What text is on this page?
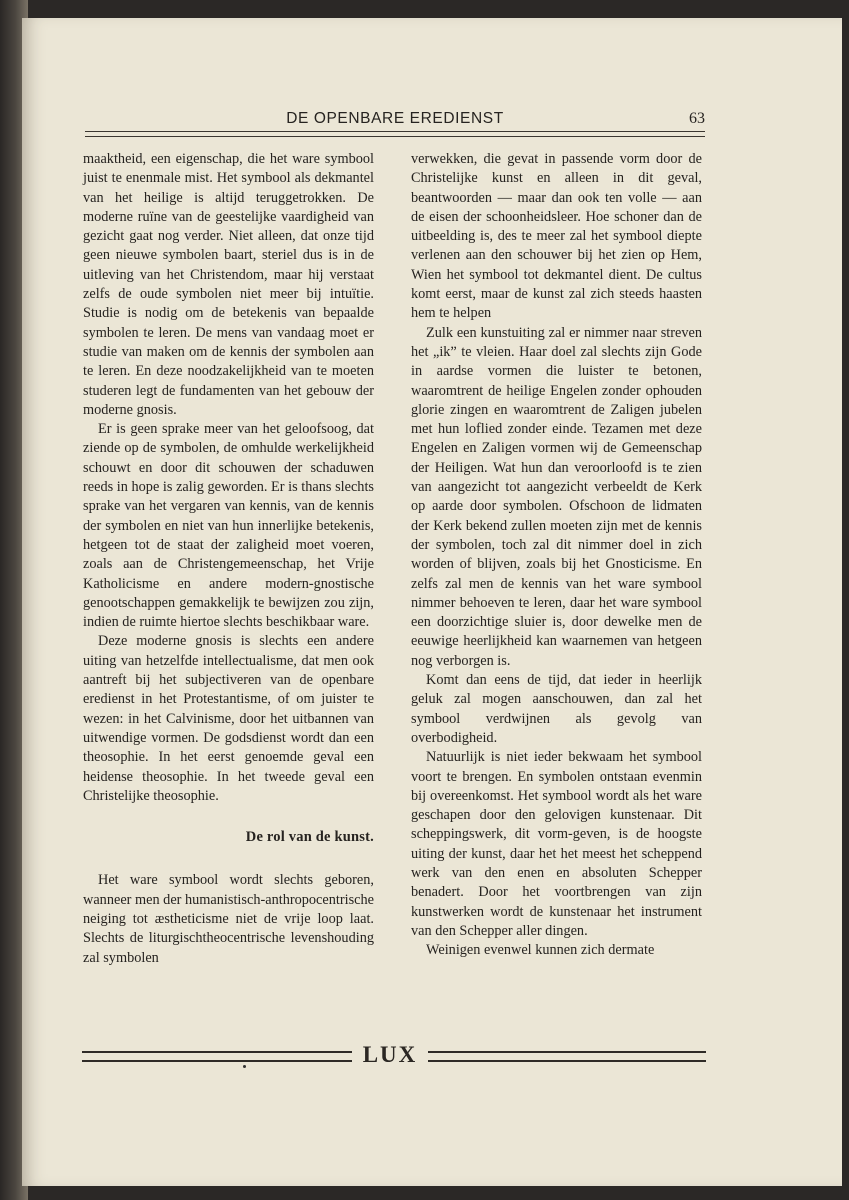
DE OPENBARE EREDIENST	63

maaktheid, een eigenschap, die het ware symbool juist te enenmale mist. Het symbool als dekmantel van het heilige is altijd teruggetrokken. De moderne ruïne van de geestelijke vaardigheid van gezicht gaat nog verder. Niet alleen, dat onze tijd geen nieuwe symbolen baart, steriel dus is in de uitleving van het Christendom, maar hij verstaat zelfs de oude symbolen niet meer bij intuïtie. Studie is nodig om de betekenis van bepaalde symbolen te leren. De mens van vandaag moet er studie van maken om de kennis der symbolen aan te leren. En deze noodzakelijkheid van te moeten studeren legt de fundamenten van het gebouw der moderne gnosis.

Er is geen sprake meer van het geloofsoog, dat ziende op de symbolen, de omhulde werkelijkheid schouwt en door dit schouwen der schaduwen reeds in hope is zalig geworden. Er is thans slechts sprake van het vergaren van kennis, van de kennis der symbolen en niet van hun innerlijke betekenis, hetgeen tot de staat der zaligheid moet voeren, zoals aan de Christengemeenschap, het Vrije Katholicisme en andere modern-gnostische genootschappen gemakkelijk te bewijzen zou zijn, indien de ruimte hiertoe slechts beschikbaar ware.

Deze moderne gnosis is slechts een andere uiting van hetzelfde intellectualisme, dat men ook aantreft bij het subjectiveren van de openbare eredienst in het Protestantisme, of om juister te wezen: in het Calvinisme, door het uitbannen van uitwendige vormen. De godsdienst wordt dan een theosophie. In het eerst genoemde geval een heidense theosophie. In het tweede geval een Christelijke theosophie.

De rol van de kunst.

Het ware symbool wordt slechts geboren, wanneer men der humanistisch-anthropocentrische neiging tot æstheticisme niet de vrije loop laat. Slechts de liturgischtheocentrische levenshouding zal symbolen

verwekken, die gevat in passende vorm door de Christelijke kunst en alleen in dit geval, beantwoorden — maar dan ook ten volle — aan de eisen der schoonheidsleer. Hoe schoner dan de uitbeelding is, des te meer zal het symbool diepte verlenen aan den schouwer bij het zien op Hem, Wien het symbool tot dekmantel dient. De cultus komt eerst, maar de kunst zal zich steeds haasten hem te helpen

Zulk een kunstuiting zal er nimmer naar streven het „ik” te vleien. Haar doel zal slechts zijn Gode in aardse vormen die luister te betonen, waaromtrent de heilige Engelen zonder ophouden glorie zingen en waaromtrent de Zaligen jubelen met hun loflied zonder einde. Tezamen met deze Engelen en Zaligen vormen wij de Gemeenschap der Heiligen. Wat hun dan veroorloofd is te zien van aangezicht tot aangezicht verbeeldt de Kerk op aarde door symbolen. Ofschoon de lidmaten der Kerk bekend zullen moeten zijn met de kennis der symbolen, toch zal dit nimmer doel in zich worden of blijven, zoals bij het Gnosticisme. En zelfs zal men de kennis van het ware symbool nimmer behoeven te leren, daar het ware symbool een doorzichtige sluier is, door dewelke men de eeuwige heerlijkheid kan waarnemen van hetgeen nog verborgen is.

Komt dan eens de tijd, dat ieder in heerlijk geluk zal mogen aanschouwen, dan zal het symbool verdwijnen als gevolg van overbodigheid.

Natuurlijk is niet ieder bekwaam het symbool voort te brengen. En symbolen ontstaan evenmin bij overeenkomst. Het symbool wordt als het ware geschapen door den gelovigen kunstenaar. Dit scheppingswerk, dit vorm-geven, is de hoogste uiting der kunst, daar het het meest het scheppend werk van den enen en absoluten Schepper benadert. Door het voortbrengen van zijn kunstwerken wordt de kunstenaar het instrument van den Schepper aller dingen.

Weinigen evenwel kunnen zich dermate

LUX
